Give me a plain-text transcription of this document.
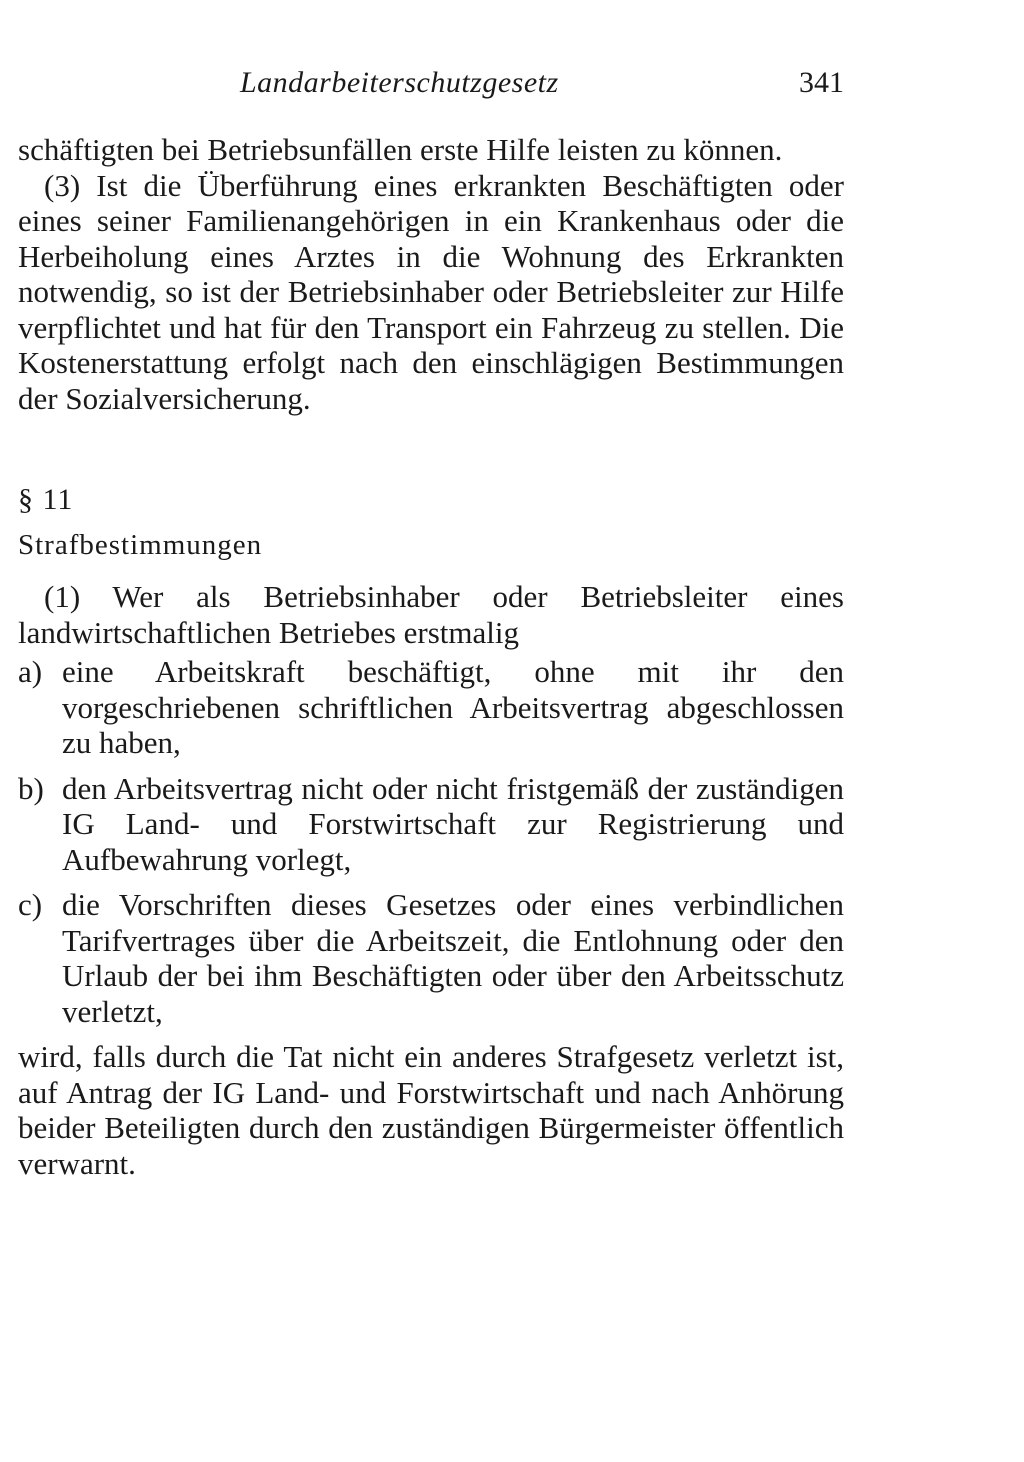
Landarbeiterschutzgesetz	341

schäftigten bei Betriebsunfällen erste Hilfe leisten zu können.

(3) Ist die Überführung eines erkrankten Beschäftigten oder eines seiner Familienangehörigen in ein Krankenhaus oder die Herbeiholung eines Arztes in die Wohnung des Erkrankten notwendig, so ist der Betriebsinhaber oder Betriebsleiter zur Hilfe verpflichtet und hat für den Transport ein Fahrzeug zu stellen. Die Kostenerstattung erfolgt nach den einschlägigen Bestimmungen der Sozialversicherung.

§ 11

Strafbestimmungen

(1) Wer als Betriebsinhaber oder Betriebsleiter eines landwirtschaftlichen Betriebes erstmalig

a) eine Arbeitskraft beschäftigt, ohne mit ihr den vorgeschriebenen schriftlichen Arbeitsvertrag abgeschlossen zu haben,
b) den Arbeitsvertrag nicht oder nicht fristgemäß der zuständigen IG Land- und Forstwirtschaft zur Registrierung und Aufbewahrung vorlegt,
c) die Vorschriften dieses Gesetzes oder eines verbindlichen Tarifvertrages über die Arbeitszeit, die Entlohnung oder den Urlaub der bei ihm Beschäftigten oder über den Arbeitsschutz verletzt,

wird, falls durch die Tat nicht ein anderes Strafgesetz verletzt ist, auf Antrag der IG Land- und Forstwirtschaft und nach Anhörung beider Beteiligten durch den zuständigen Bürgermeister öffentlich verwarnt.
